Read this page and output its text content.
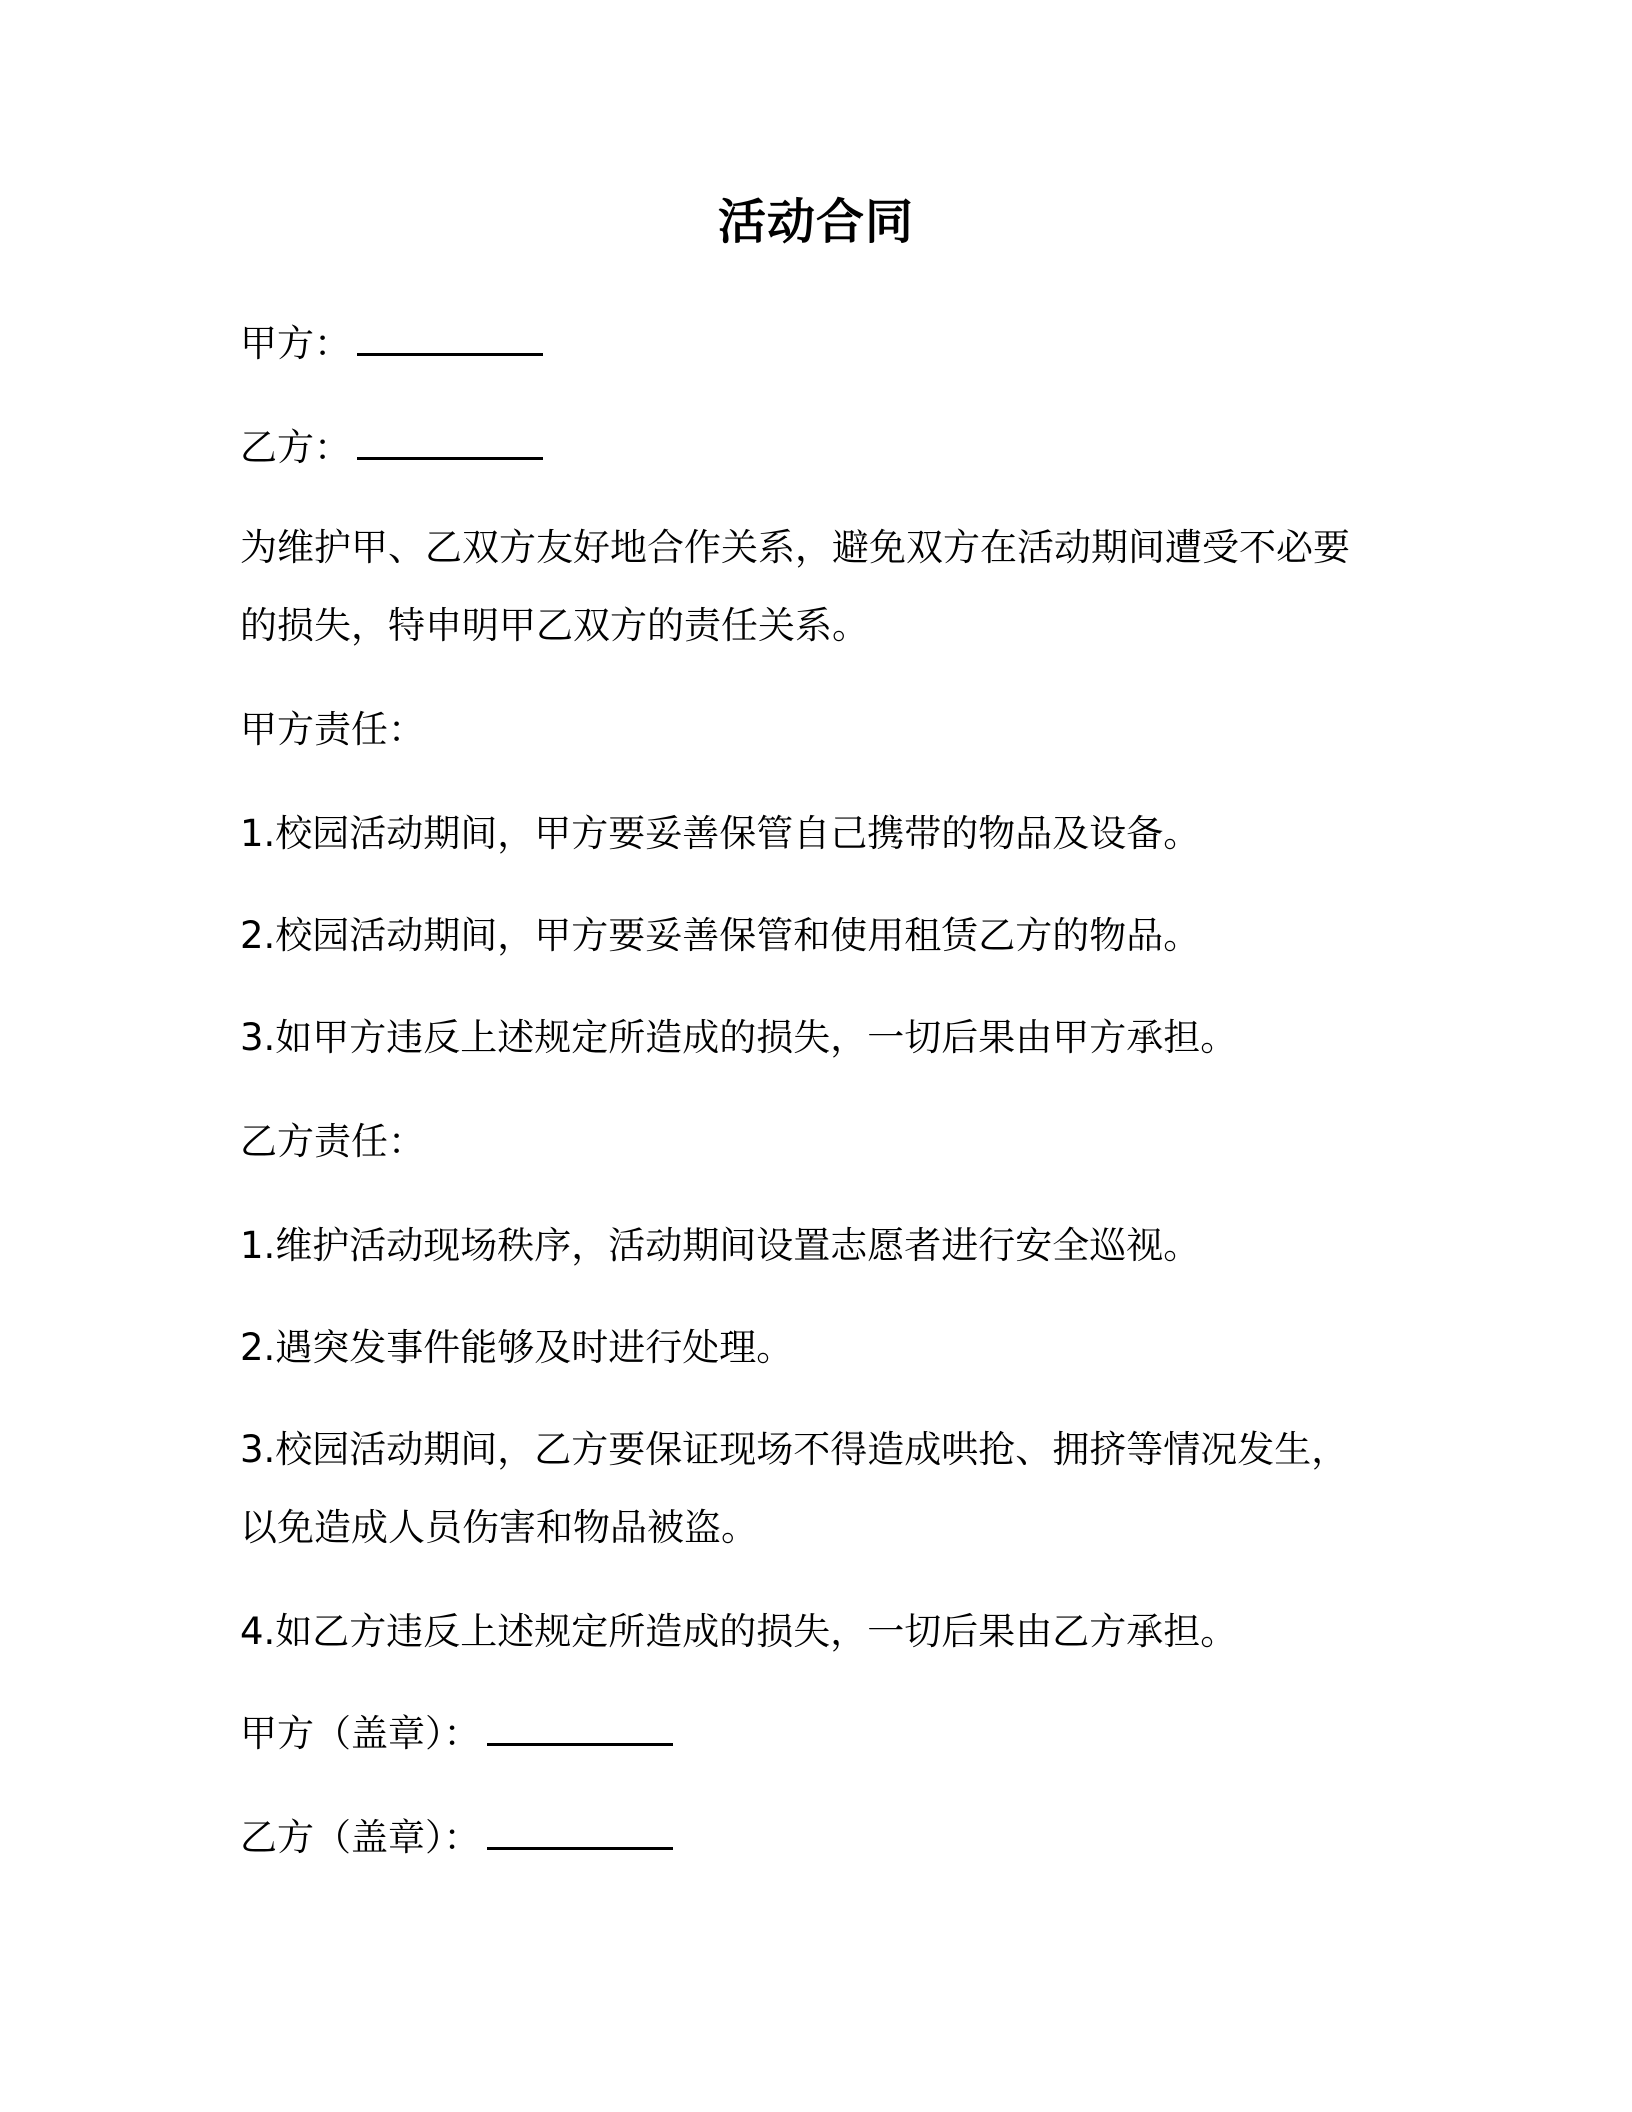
活动合同
甲方：
乙方：
为维护甲、乙双方友好地合作关系，避免双方在活动期间遭受不必要
的损失，特申明甲乙双方的责任关系。
甲方责任：
1.校园活动期间，甲方要妥善保管自己携带的物品及设备。
2.校园活动期间，甲方要妥善保管和使用租赁乙方的物品。
3.如甲方违反上述规定所造成的损失，一切后果由甲方承担。
乙方责任：
1.维护活动现场秩序，活动期间设置志愿者进行安全巡视。
2.遇突发事件能够及时进行处理。
3.校园活动期间，乙方要保证现场不得造成哄抢、拥挤等情况发生，
以免造成人员伤害和物品被盗。
4.如乙方违反上述规定所造成的损失，一切后果由乙方承担。
甲方（盖章）：
乙方（盖章）：
